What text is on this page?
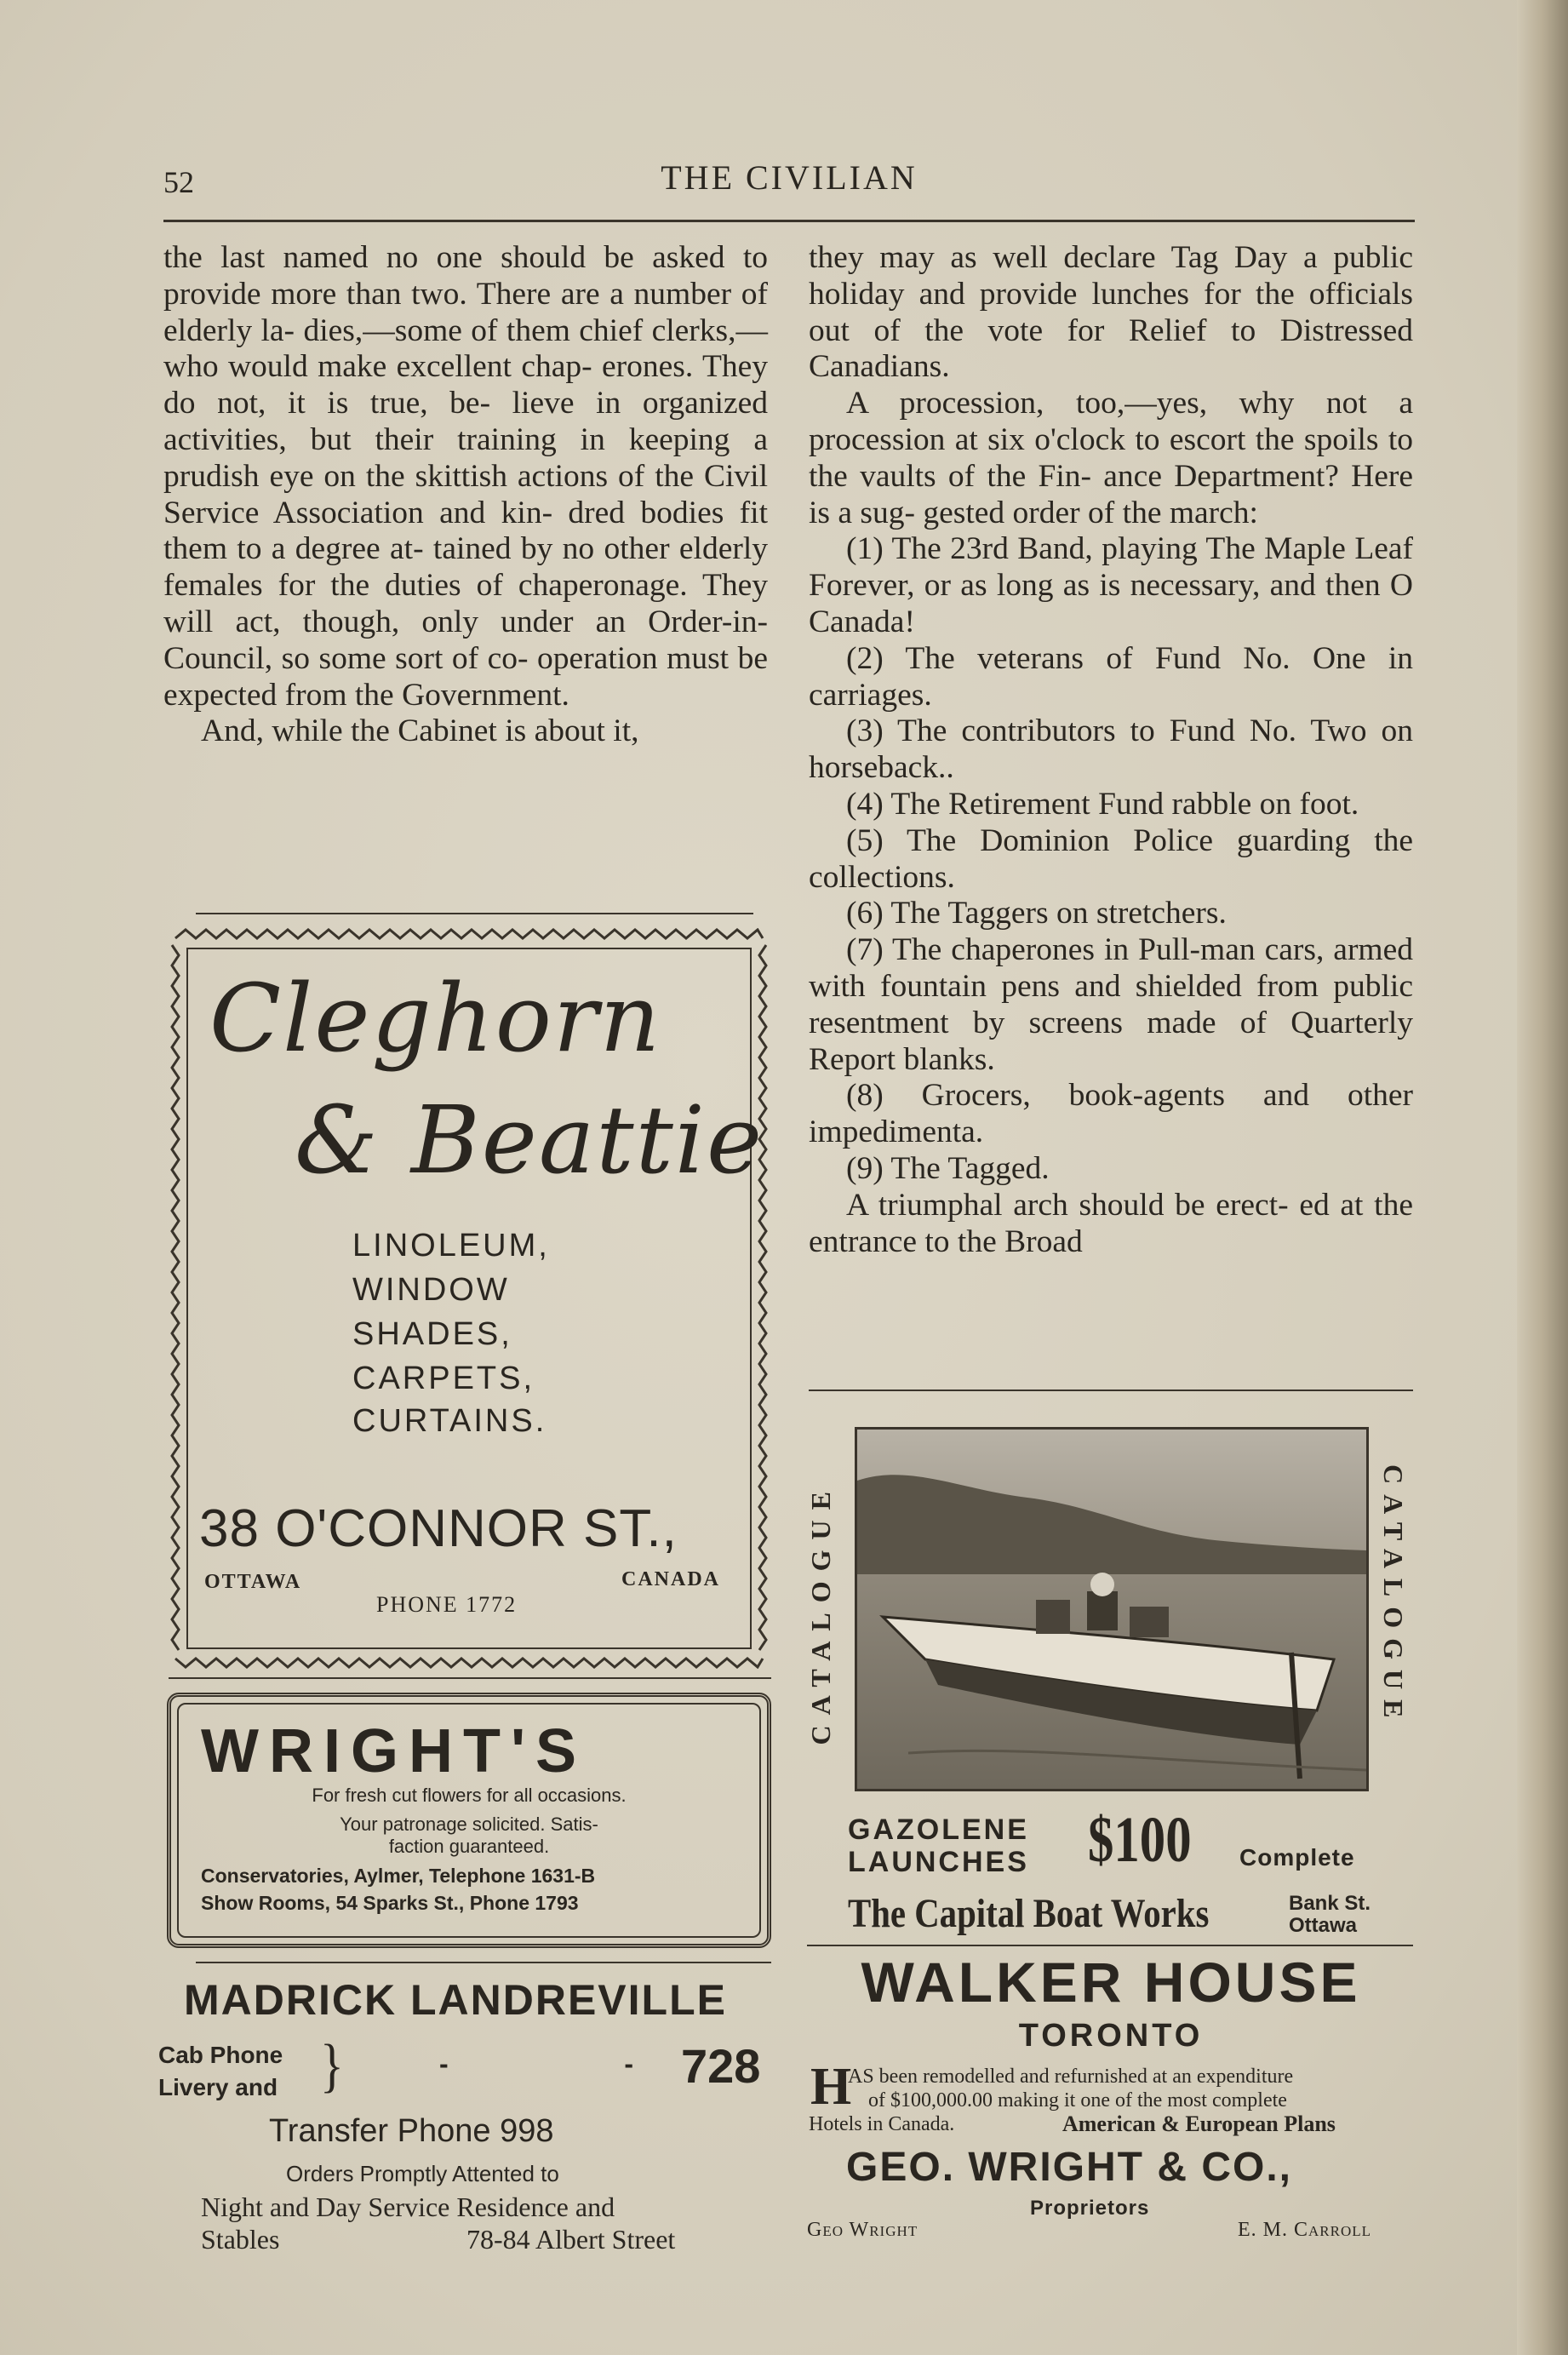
52	THE CIVILIAN

the last named no one should be asked to provide more than two. There are a number of elderly la- dies,—some of them chief clerks,— who would make excellent chap- erones. They do not, it is true, be- lieve in organized activities, but their training in keeping a prudish eye on the skittish actions of the Civil Service Association and kin- dred bodies fit them to a degree at- tained by no other elderly females for the duties of chaperonage. They will act, though, only under an Order-in-Council, so some sort of co- operation must be expected from the Government.

And, while the Cabinet is about it,

they may as well declare Tag Day a public holiday and provide lunches for the officials out of the vote for Relief to Distressed Canadians.

A procession, too,—yes, why not a procession at six o'clock to escort the spoils to the vaults of the Fin- ance Department? Here is a sug- gested order of the march:

(1) The 23rd Band, playing The Maple Leaf Forever, or as long as is necessary, and then O Canada!

(2) The veterans of Fund No. One in carriages.

(3) The contributors to Fund No. Two on horseback..

(4) The Retirement Fund rabble on foot.

(5) The Dominion Police guarding the collections.

(6) The Taggers on stretchers.

(7) The chaperones in Pull-man cars, armed with fountain pens and shielded from public resentment by screens made of Quarterly Report blanks.

(8) Grocers, book-agents and other impedimenta.

(9) The Tagged.

A triumphal arch should be erect- ed at the entrance to the Broad

Cleghorn
& Beattie
LINOLEUM,
WINDOW
SHADES,
CARPETS,
CURTAINS.
38 O'CONNOR ST.,
OTTAWA	CANADA
PHONE 1772
WRIGHT'S
For fresh cut flowers for all occasions.
Your patronage solicited. Satis-
faction guaranteed.
Conservatories, Aylmer, Telephone 1631-B
Show Rooms, 54 Sparks St., Phone 1793
MADRICK LANDREVILLE
Cab Phone
Livery and }	-   - 728
Transfer Phone 998
Orders Promptly Attented to
Night and Day Service Residence and
Stables	78-84 Albert Street
CATALOGUE	CATALOGUE
GAZOLENE
LAUNCHES $100 Complete
The Capital Boat Works	Bank St.
Ottawa
WALKER HOUSE
TORONTO
H
AS been remodelled and refurnished at an expenditure
of $100,000.00 making it one of the most complete
Hotels in Canada.	American & European Plans
GEO. WRIGHT & CO.,
Proprietors
Geo Wright	E. M. Carroll
